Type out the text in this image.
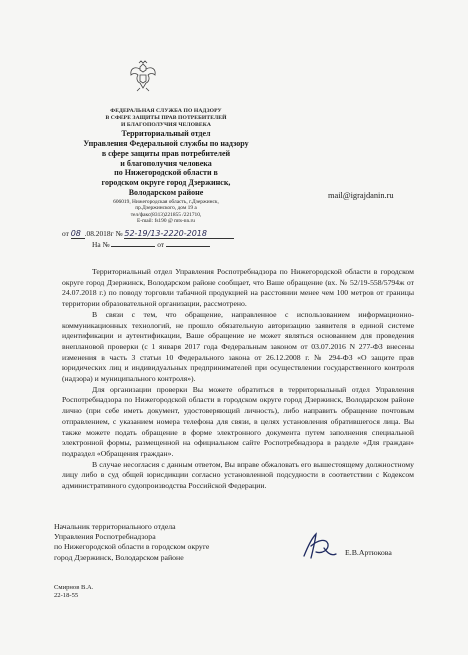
ФЕДЕРАЛЬНАЯ СЛУЖБА ПО НАДЗОРУ
В СФЕРЕ ЗАЩИТЫ ПРАВ ПОТРЕБИТЕЛЕЙ
И БЛАГОПОЛУЧИЯ ЧЕЛОВЕКА
Территориальный отдел
Управления Федеральной службы по надзору
в сфере защиты прав потребителей
и благополучия человека
по Нижегородской области в
городском округе город Дзержинск,
Володарском районе
606019, Нижегородская область, г.Дзержинск,
пр.Дзержинского, дом 19 а
тел/факс(8313)221855 /221710,
E-mail: fs190 @ mts-nn.ru
mail@igrajdanin.ru
от 08 .08.2018г № 52-19/13-2220-2018
На №	от

Территориальный отдел Управления Роспотребнадзора по Нижегородской области в городском округе город Дзержинск, Володарском районе сообщает, что Ваше обращение (вх. № 52/19-558/5794ж от 24.07.2018 г.) по поводу торговли табачной продукцией на расстоянии менее чем 100 метров от границы территории образовательной организации, рассмотрено.

В связи с тем, что обращение, направленное с использованием информационно-коммуникационных технологий, не прошло обязательную авторизацию заявителя в единой системе идентификации и аутентификации, Ваше обращение не может являться основанием для проведения внеплановой проверки (с 1 января 2017 года Федеральным законом от 03.07.2016 N 277-ФЗ внесены изменения в часть 3 статьи 10 Федерального закона от 26.12.2008 г. № 294-ФЗ «О защите прав юридических лиц и индивидуальных предпринимателей при осуществлении государственного контроля (надзора) и муниципального контроля»).

Для организации проверки Вы можете обратиться в территориальный отдел Управления Роспотребнадзора по Нижегородской области в городском округе город Дзержинск, Володарском районе лично (при себе иметь документ, удостоверяющий личность), либо направить обращение почтовым отправлением, с указанием номера телефона для связи, в целях установления обратившегося лица. Вы также можете подать обращение в форме электронного документа путем заполнения специальной электронной формы, размещенной на официальном сайте Роспотребнадзора в разделе «Для граждан» подраздел «Обращения граждан».

В случае несогласия с данным ответом, Вы вправе обжаловать его вышестоящему должностному лицу либо в суд общей юрисдикции согласно установленной подсудности в соответствии с Кодексом административного судопроизводства Российской Федерации.

Начальник территориального отдела
Управления Роспотребнадзора
по Нижегородской области в городском округе
город Дзержинск, Володарском районе
Е.В.Артюкова
Смирнов В.А.
22-18-55
